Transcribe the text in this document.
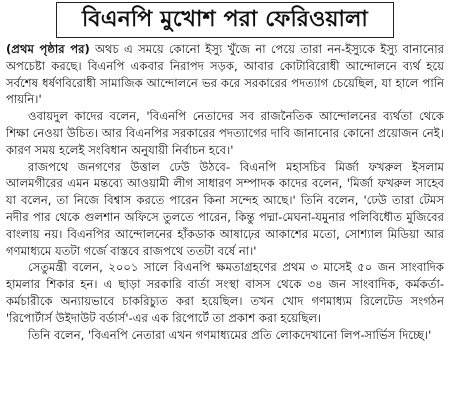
বিএনপি মুখোশ পরা ফেরিওয়ালা

(প্রথম পৃষ্ঠার পর) অথচ এ সময়ে কোনো ইস্যু খুঁজে না পেয়ে তারা নন-ইস্যুকে ইস্যু বানানোর অপচেষ্টা করছে। বিএনপি একবার নিরাপদ সড়ক, আবার কোটাবিরোধী আন্দোলনে ব্যর্থ হয়ে সর্বশেষ ধর্ষণবিরোধী সামাজিক আন্দোলনে ভর করে সরকারের পদত্যাগ চেয়েছিল, যা হালে পানি পায়নি।'

ওবায়দুল কাদের বলেন, 'বিএনপি নেতাদের সব রাজনৈতিক আন্দোলনের ব্যর্থতা থেকে শিক্ষা নেওয়া উচিত। আর বিএনপির সরকারের পদত্যাগের দাবি জানানোর কোনো প্রয়োজন নেই। কারণ সময় হলেই সংবিধান অনুযায়ী নির্বাচন হবে।'

রাজপথে জনগণের উত্তাল ঢেউ উঠবে- বিএনপি মহাসচিব মির্জা ফখরুল ইসলাম আলমগীরের এমন মন্তব্যে আওয়ামী লীগ সাধারণ সম্পাদক কাদের বলেন, 'মির্জা ফখরুল সাহেব যা বলেন, তা নিজে বিশ্বাস করতে পারেন কিনা সন্দেহ আছে।' তিনি বলেন, 'ঢেউ তারা টেমস নদীর পার থেকে গুলশান অফিসে তুলতে পারেন, কিন্তু পদ্মা-মেঘনা-যমুনার পলিবিধৌত মুজিবের বাংলায় নয়। বিএনপির আন্দোলনের হাঁকডাক আষাঢ়ের আকাশের মতো, সোশ্যাল মিডিয়া আর গণমাধ্যমে যতটা গর্জে বাস্তবে রাজপথে ততটা বর্ষে না।'

সেতুমন্ত্রী বলেন, ২০০১ সালে বিএনপি ক্ষমতাগ্রহণের প্রথম ৩ মাসেই ৫০ জন সাংবাদিক হামলার শিকার হন। এ ছাড়া সরকারি বার্তা সংস্থা বাসস থেকে ৩৪ জন সাংবাদিক, কর্মকর্তা-কর্মচারীকে অন্যায়ভাবে চাকরিচ্যুত করা হয়েছিল। তখন খোদ গণমাধ্যম রিলেটেড সংগঠন 'রিপোর্টার্স উইদাউট বর্ডার্স'-এর এক রিপোর্টে তা প্রকাশ করা হয়েছিল।

তিনি বলেন, 'বিএনপি নেতারা এখন গণমাধ্যমের প্রতি লোকদেখানো লিপ-সার্ভিস দিচ্ছে।'
